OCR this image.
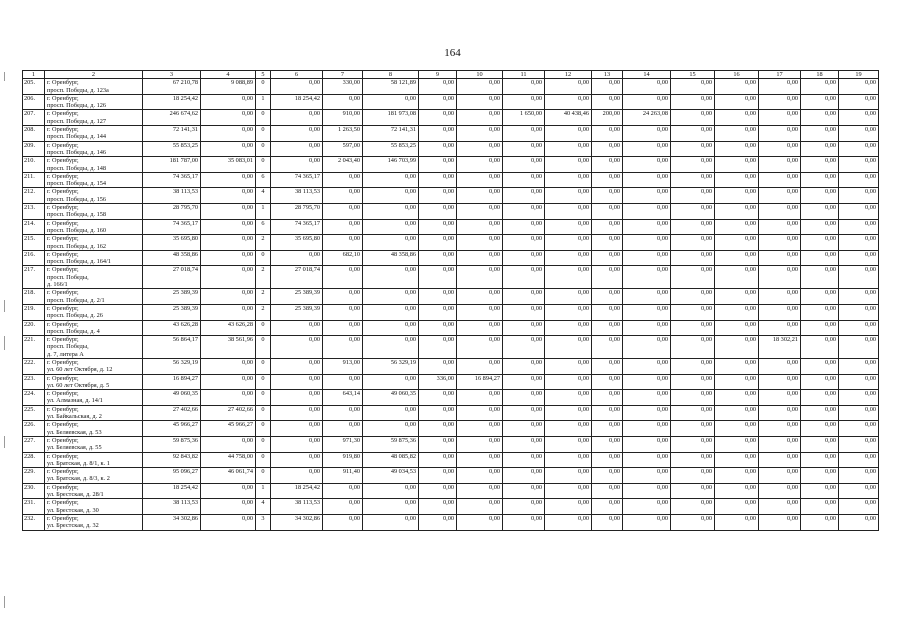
164
1	2	3	4	5	6	7	8	9	10	11	12	13	14	15	16	17	18	19
205.	г. Оренбург,
просп. Победы, д. 123а	67 210,78	9 088,89	0	0,00	330,00	58 121,89	0,00	0,00	0,00	0,00	0,00	0,00	0,00	0,00	0,00	0,00	0,00
206.	г. Оренбург,
просп. Победы, д. 126	18 254,42	0,00	1	18 254,42	0,00	0,00	0,00	0,00	0,00	0,00	0,00	0,00	0,00	0,00	0,00	0,00	0,00
207.	г. Оренбург,
просп. Победы, д. 127	246 674,62	0,00	0	0,00	910,00	181 973,08	0,00	0,00	1 650,00	40 438,46	200,00	24 263,08	0,00	0,00	0,00	0,00	0,00
208.	г. Оренбург,
просп. Победы, д. 144	72 141,31	0,00	0	0,00	1 263,50	72 141,31	0,00	0,00	0,00	0,00	0,00	0,00	0,00	0,00	0,00	0,00	0,00
209.	г. Оренбург,
просп. Победы, д. 146	55 853,25	0,00	0	0,00	597,00	55 853,25	0,00	0,00	0,00	0,00	0,00	0,00	0,00	0,00	0,00	0,00	0,00
210.	г. Оренбург,
просп. Победы, д. 148	181 787,00	35 083,01	0	0,00	2 043,40	146 703,99	0,00	0,00	0,00	0,00	0,00	0,00	0,00	0,00	0,00	0,00	0,00
211.	г. Оренбург,
просп. Победы, д. 154	74 365,17	0,00	6	74 365,17	0,00	0,00	0,00	0,00	0,00	0,00	0,00	0,00	0,00	0,00	0,00	0,00	0,00
212.	г. Оренбург,
просп. Победы, д. 156	38 113,53	0,00	4	38 113,53	0,00	0,00	0,00	0,00	0,00	0,00	0,00	0,00	0,00	0,00	0,00	0,00	0,00
213.	г. Оренбург,
просп. Победы, д. 158	28 795,70	0,00	1	28 795,70	0,00	0,00	0,00	0,00	0,00	0,00	0,00	0,00	0,00	0,00	0,00	0,00	0,00
214.	г. Оренбург,
просп. Победы, д. 160	74 365,17	0,00	6	74 365,17	0,00	0,00	0,00	0,00	0,00	0,00	0,00	0,00	0,00	0,00	0,00	0,00	0,00
215.	г. Оренбург,
просп. Победы, д. 162	35 695,80	0,00	2	35 695,80	0,00	0,00	0,00	0,00	0,00	0,00	0,00	0,00	0,00	0,00	0,00	0,00	0,00
216.	г. Оренбург,
просп. Победы, д. 164/1	48 358,86	0,00	0	0,00	682,10	48 358,86	0,00	0,00	0,00	0,00	0,00	0,00	0,00	0,00	0,00	0,00	0,00
217.	г. Оренбург,
просп. Победы,
д. 166/1	27 018,74	0,00	2	27 018,74	0,00	0,00	0,00	0,00	0,00	0,00	0,00	0,00	0,00	0,00	0,00	0,00	0,00
218.	г. Оренбург,
просп. Победы, д. 2/1	25 389,39	0,00	2	25 389,39	0,00	0,00	0,00	0,00	0,00	0,00	0,00	0,00	0,00	0,00	0,00	0,00	0,00
219.	г. Оренбург,
просп. Победы, д. 26	25 389,39	0,00	2	25 389,39	0,00	0,00	0,00	0,00	0,00	0,00	0,00	0,00	0,00	0,00	0,00	0,00	0,00
220.	г. Оренбург,
просп. Победы, д. 4	43 626,28	43 626,28	0	0,00	0,00	0,00	0,00	0,00	0,00	0,00	0,00	0,00	0,00	0,00	0,00	0,00	0,00
221.	г. Оренбург,
просп. Победы,
д. 7, литера А	56 864,17	38 561,96	0	0,00	0,00	0,00	0,00	0,00	0,00	0,00	0,00	0,00	0,00	0,00	18 302,21	0,00	0,00
222.	г. Оренбург,
ул. 60 лет Октября, д. 12	56 329,19	0,00	0	0,00	913,00	56 329,19	0,00	0,00	0,00	0,00	0,00	0,00	0,00	0,00	0,00	0,00	0,00
223.	г. Оренбург,
ул. 60 лет Октября, д. 5	16 894,27	0,00	0	0,00	0,00	0,00	336,00	16 894,27	0,00	0,00	0,00	0,00	0,00	0,00	0,00	0,00	0,00
224.	г. Оренбург,
ул. Алмазная, д. 14/1	49 060,35	0,00	0	0,00	643,14	49 060,35	0,00	0,00	0,00	0,00	0,00	0,00	0,00	0,00	0,00	0,00	0,00
225.	г. Оренбург,
ул. Байкальская, д. 2	27 402,66	27 402,66	0	0,00	0,00	0,00	0,00	0,00	0,00	0,00	0,00	0,00	0,00	0,00	0,00	0,00	0,00
226.	г. Оренбург,
ул. Беляевская, д. 53	45 966,27	45 966,27	0	0,00	0,00	0,00	0,00	0,00	0,00	0,00	0,00	0,00	0,00	0,00	0,00	0,00	0,00
227.	г. Оренбург,
ул. Беляевская, д. 55	59 875,36	0,00	0	0,00	971,30	59 875,36	0,00	0,00	0,00	0,00	0,00	0,00	0,00	0,00	0,00	0,00	0,00
228.	г. Оренбург,
ул. Братская, д. 8/1, к. 1	92 843,82	44 758,00	0	0,00	919,80	48 085,82	0,00	0,00	0,00	0,00	0,00	0,00	0,00	0,00	0,00	0,00	0,00
229.	г. Оренбург,
ул. Братская, д. 8/3, к. 2	95 096,27	46 061,74	0	0,00	911,40	49 034,53	0,00	0,00	0,00	0,00	0,00	0,00	0,00	0,00	0,00	0,00	0,00
230.	г. Оренбург,
ул. Брестская, д. 28/1	18 254,42	0,00	1	18 254,42	0,00	0,00	0,00	0,00	0,00	0,00	0,00	0,00	0,00	0,00	0,00	0,00	0,00
231.	г. Оренбург,
ул. Брестская, д. 30	38 113,53	0,00	4	38 113,53	0,00	0,00	0,00	0,00	0,00	0,00	0,00	0,00	0,00	0,00	0,00	0,00	0,00
232.	г. Оренбург,
ул. Брестская, д. 32	34 302,86	0,00	3	34 302,86	0,00	0,00	0,00	0,00	0,00	0,00	0,00	0,00	0,00	0,00	0,00	0,00	0,00
